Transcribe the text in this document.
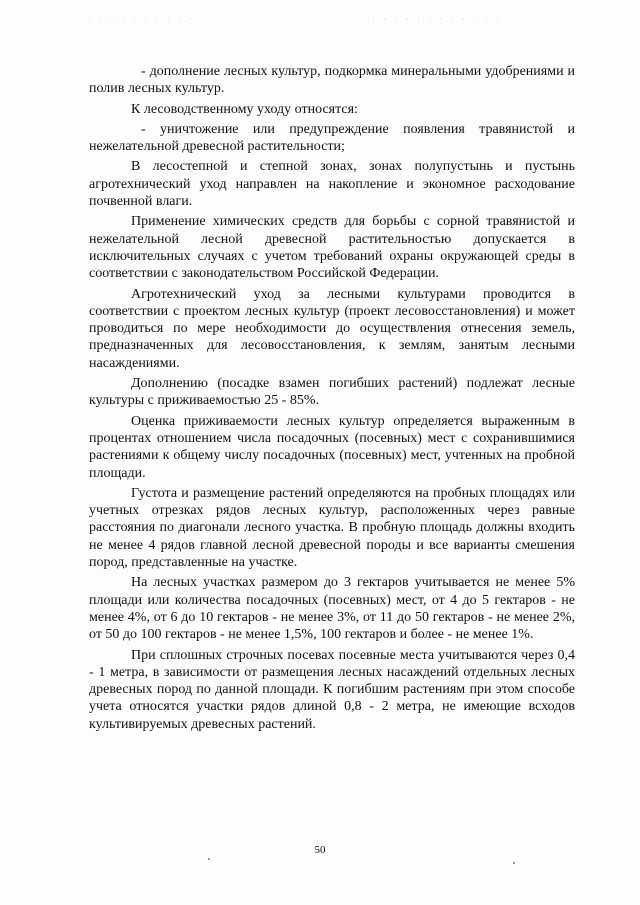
· · · · · · · · · ·	· · · · · · · · · · · ·

- дополнение лесных культур, подкормка минеральными удобрениями и полив лесных культур.

К лесоводственному уходу относятся:

- уничтожение или предупреждение появления травянистой и нежелательной древесной растительности;

В лесостепной и степной зонах, зонах полупустынь и пустынь агротехнический уход направлен на накопление и экономное расходование почвенной влаги.

Применение химических средств для борьбы с сорной травянистой и нежелательной лесной древесной растительностью допускается в исключительных случаях с учетом требований охраны окружающей среды в соответствии с законодательством Российской Федерации.

Агротехнический уход за лесными культурами проводится в соответствии с проектом лесных культур (проект лесовосстановления) и может проводиться по мере необходимости до осуществления отнесения земель, предназначенных для лесовосстановления, к землям, занятым лесными насаждениями.

Дополнению (посадке взамен погибших растений) подлежат лесные культуры с приживаемостью 25 - 85%.

Оценка приживаемости лесных культур определяется выраженным в процентах отношением числа посадочных (посевных) мест с сохранившимися растениями к общему числу посадочных (посевных) мест, учтенных на пробной площади.

Густота и размещение растений определяются на пробных площадях или учетных отрезках рядов лесных культур, расположенных через равные расстояния по диагонали лесного участка. В пробную площадь должны входить не менее 4 рядов главной лесной древесной породы и все варианты смешения пород, представленные на участке.

На лесных участках размером до 3 гектаров учитывается не менее 5% площади или количества посадочных (посевных) мест, от 4 до 5 гектаров - не менее 4%, от 6 до 10 гектаров - не менее 3%, от 11 до 50 гектаров - не менее 2%, от 50 до 100 гектаров - не менее 1,5%, 100 гектаров и более - не менее 1%.

При сплошных строчных посевах посевные места учитываются через 0,4 - 1 метра, в зависимости от размещения лесных насаждений отдельных лесных древесных пород по данной площади. К погибшим растениям при этом способе учета относятся участки рядов длиной 0,8 - 2 метра, не имеющие всходов культивируемых древесных растений.

50
